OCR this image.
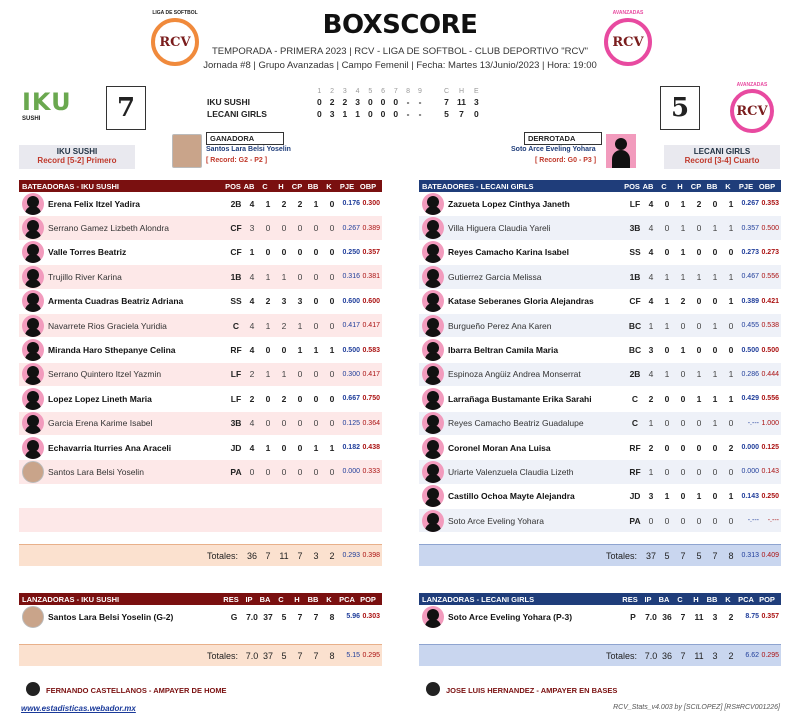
LIGA DE SOFTBOL
RCV
AVANZADAS
RCV
BOXSCORE
TEMPORADA - PRIMERA 2023 | RCV - LIGA DE SOFTBOL - CLUB DEPORTIVO "RCV"
Jornada #8 | Grupo Avanzadas | Campo Femenil | Fecha: Martes 13/Junio/2023 | Hora: 19:00
IKU
SUSHI	7	5
AVANZADAS
RCV
	1	2	3	4	5	6	7	8	9		C	H	E
IKU SUSHI	0	2	2	3	0	0	0	-	-		7	11	3
LECANI GIRLS	0	3	1	1	0	0	0	-	-		5	7	0
IKU SUSHI
Record [5-2] Primero
LECANI GIRLS
Record [3-4] Cuarto
GANADORA
Santos Lara Belsi Yoselin
[ Record: G2 - P2 ]
DERROTADA
Soto Arce Eveling Yohara
[ Record: G0 - P3 ]
BATEADORAS - IKU SUSHI	POS AB	C	H	CP BB	K	PJE OBP
Erena Felix Itzel Yadira	2B 4	1	2	2	1	0	0.176 0.300
Serrano Gamez Lizbeth Alondra	CF 3	0	0	0	0	0	0.267 0.389
Valle Torres Beatriz	CF 1	0	0	0	0	0	0.250 0.357
Trujillo River Karina	1B 4	1	1	0	0	0	0.316 0.381
Armenta Cuadras Beatriz Adriana	SS 4	2	3	3	0	0	0.600 0.600
Navarrete Rios Graciela Yuridia	C	4	1	2	1	0	0	0.417 0.417
Miranda Haro Sthepanye Celina	RF 4	0	0	1	1	1	0.500 0.583
Serrano Quintero Itzel Yazmin	LF 2	1	1	0	0	0	0.300 0.417
Lopez Lopez Lineth Maria	LF 2	0	2	0	0	0	0.667 0.750
Garcia Erena Karime Isabel	3B 4	0	0	0	0	0	0.125 0.364
Echavarria Iturries Ana Araceli	JD 4	1	0	0	1	1	0.182 0.438
Santos Lara Belsi Yoselin	PA 0	0	0	0	0	0	0.000 0.333
Totales: 36 7 11 7	3	2	0.293 0.398
BATEADORES - LECANI GIRLS	POS AB	C	H	CP BB	K	PJE OBP
Zazueta Lopez Cinthya Janeth	LF 4	0	1	2	0	1	0.267 0.353
Villa Higuera Claudia Yareli	3B 4	0	1	0	1	1	0.357 0.500
Reyes Camacho Karina Isabel	SS 4	0	1	0	0	0	0.273 0.273
Gutierrez Garcia Melissa	1B 4	1	1	1	1	1	0.467 0.556
Katase Seberanes Gloria Alejandras	CF 4	1	2	0	0	1	0.389 0.421
Burgueño Perez Ana Karen	BC 1	1	0	0	1	0	0.455 0.538
Ibarra Beltran Camila Maria	BC 3	0	1	0	0	0	0.500 0.500
Espinoza Angüiz Andrea Monserrat	2B 4	1	0	1	1	1	0.286 0.444
Larrañaga Bustamante Erika Sarahi	C	2	0	0	1	1	1	0.429 0.556
Reyes Camacho Beatriz Guadalupe	C	1	0	0	0	1	0	-.--- 1.000
Coronel Moran Ana Luisa	RF 2	0	0	0	0	2	0.000 0.125
Uriarte Valenzuela Claudia Lizeth	RF 1	0	0	0	0	0	0.000 0.143
Castillo Ochoa Mayte Alejandra	JD 3	1	0	1	0	1	0.143 0.250
Soto Arce Eveling Yohara	PA 0	0	0	0	0	0	-.---	-.---
Totales: 37 5	7	5	7	8	0.313 0.409
LANZADORAS - IKU SUSHI	RES IP BA	C	H	BB	K PCA POP
Santos Lara Belsi Yoselin (G-2)	G	7.0 37	5	7	7	8	5.96 0.303
Totales: 7.0 37 5	7	7	8	5.15 0.295
LANZADORAS - LECANI GIRLS	RES IP BA	C	H	BB	K PCA POP
Soto Arce Eveling Yohara (P-3)	P	7.0 36	7	11	3	2	8.75 0.357
Totales: 7.0 36 7 11 3	2	6.62 0.295
FERNANDO CASTELLANOS - AMPAYER DE HOME	JOSE LUIS HERNANDEZ - AMPAYER EN BASES
www.estadisticas.webador.mx	RCV_Stats_v4.003 by [SCILOPEZ] [RS#RCV001226]
